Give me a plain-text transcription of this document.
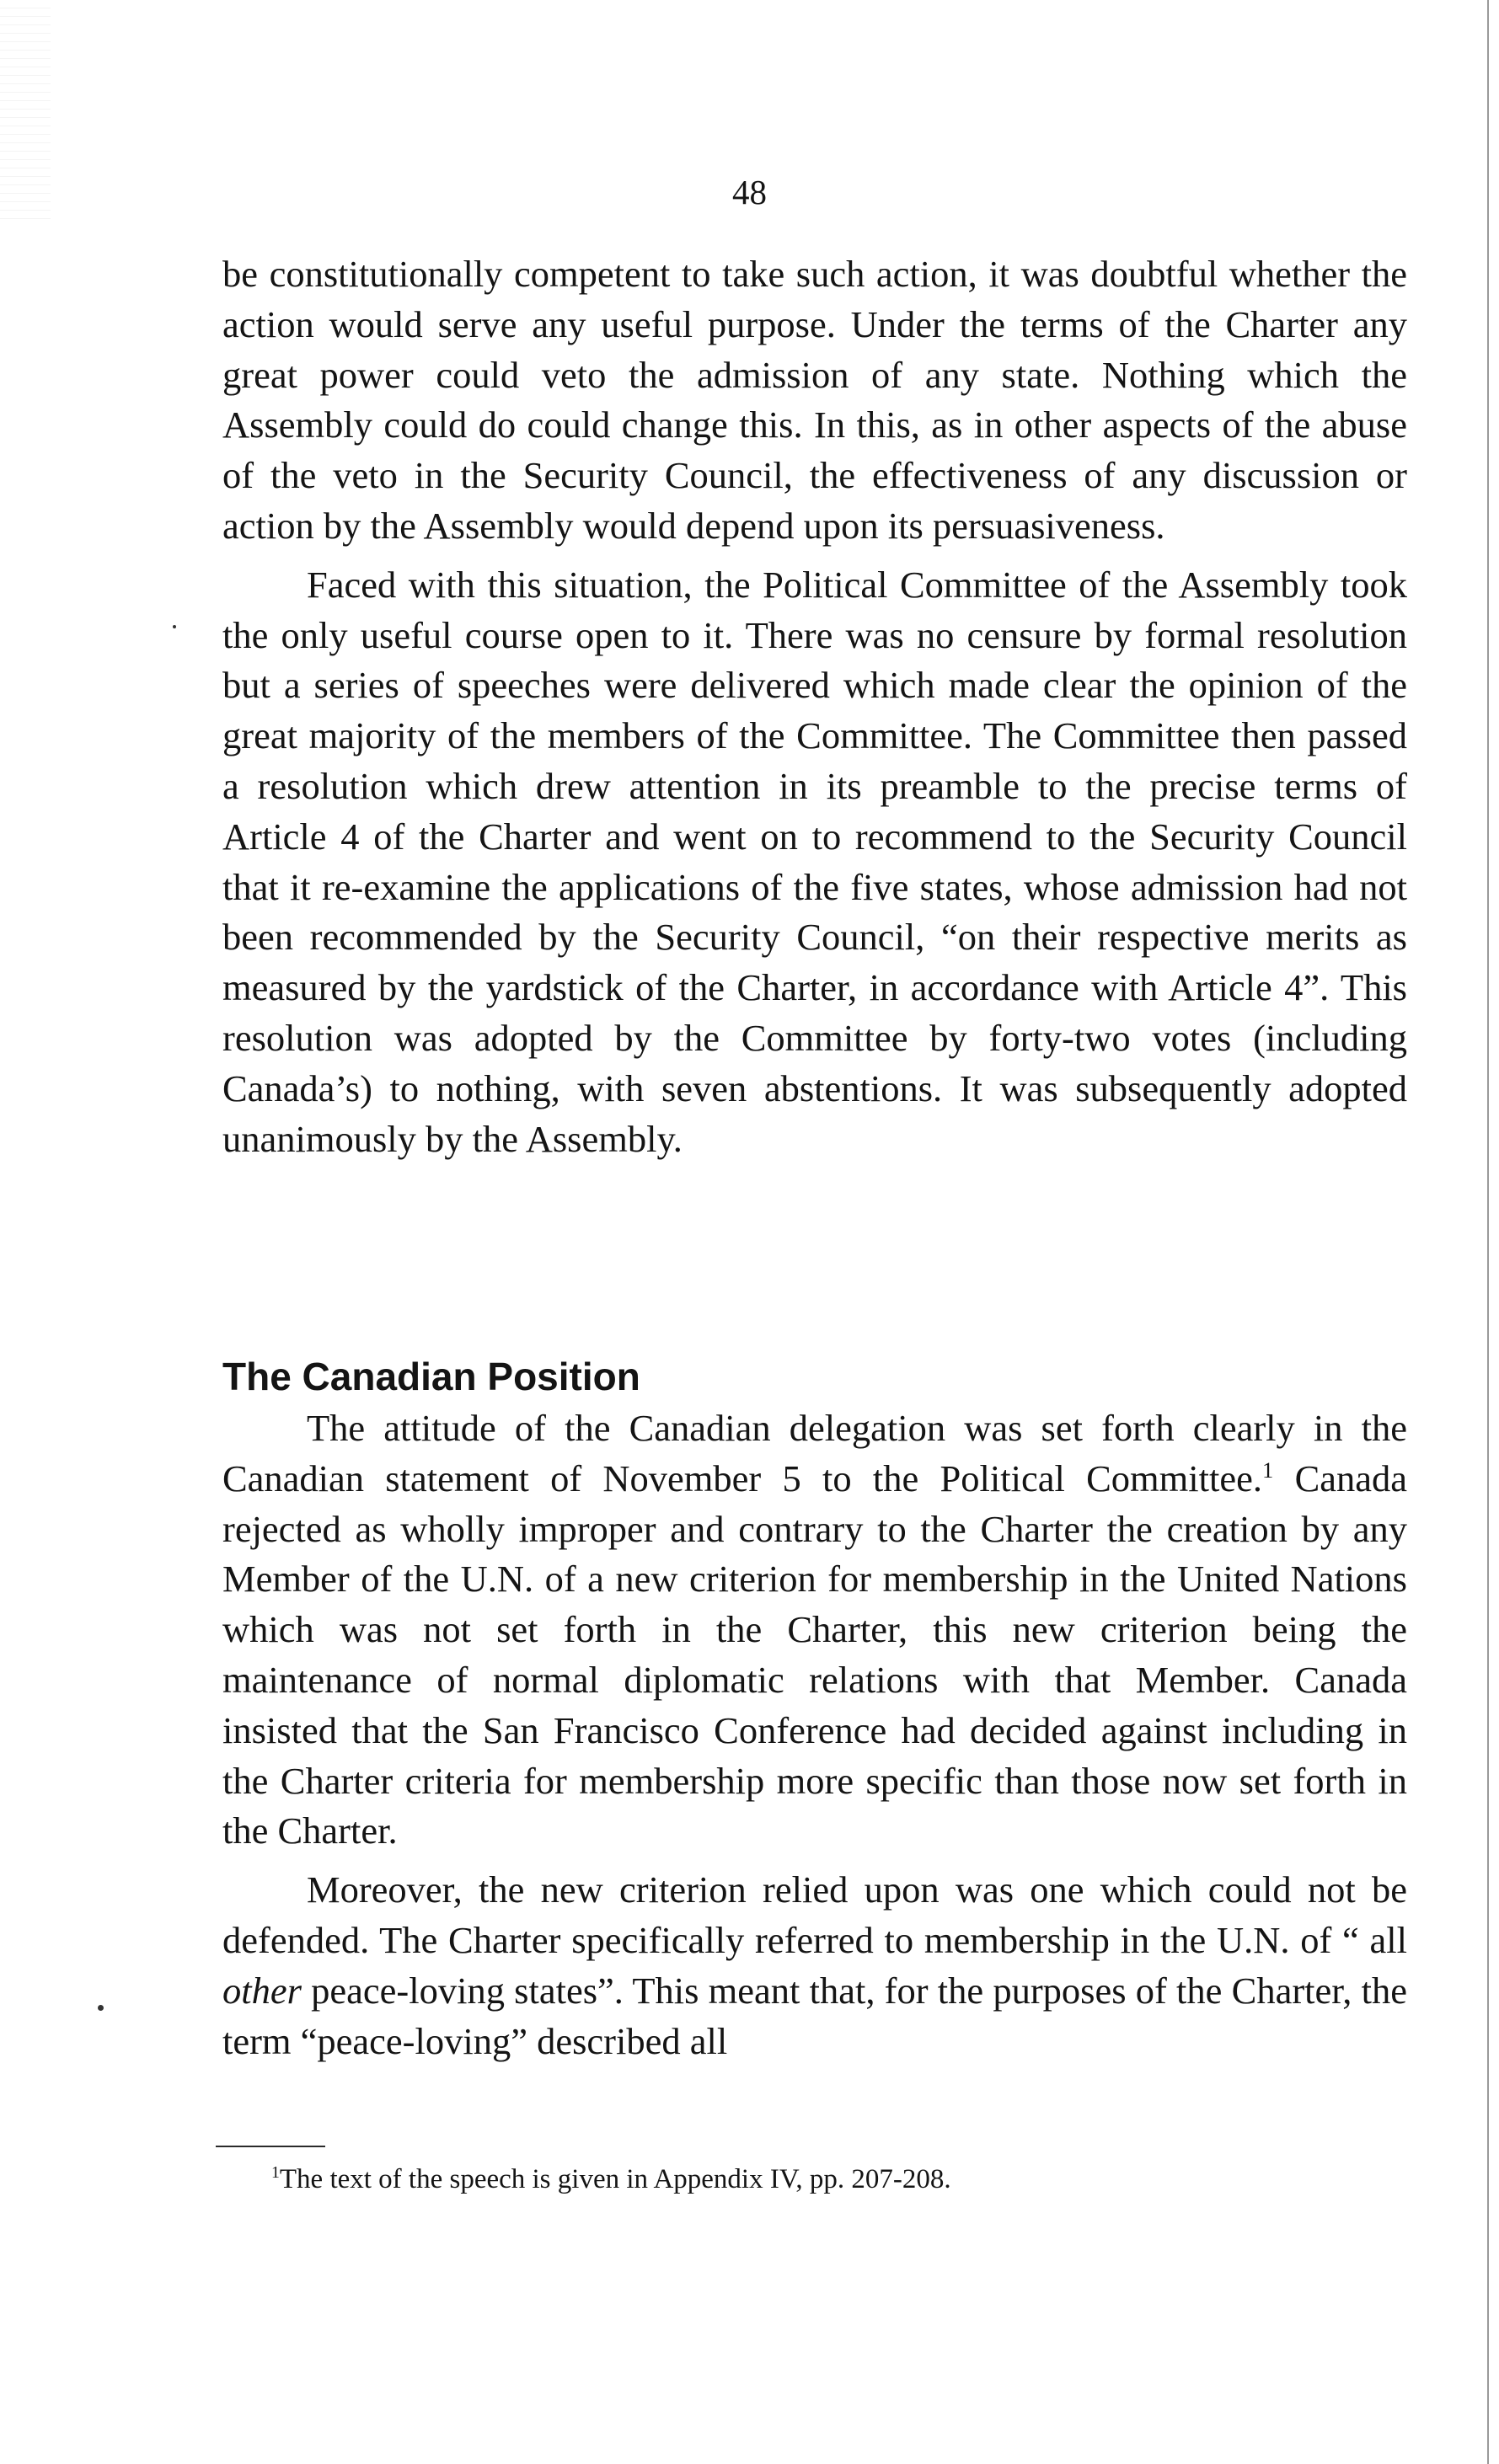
48

be constitutionally competent to take such action, it was doubtful whether the action would serve any useful purpose. Under the terms of the Charter any great power could veto the admission of any state. Nothing which the Assembly could do could change this. In this, as in other aspects of the abuse of the veto in the Security Council, the effectiveness of any discussion or action by the Assembly would depend upon its persuasiveness.

Faced with this situation, the Political Committee of the Assembly took the only useful course open to it. There was no censure by formal resolution but a series of speeches were delivered which made clear the opinion of the great majority of the members of the Committee. The Committee then passed a resolution which drew attention in its preamble to the precise terms of Article 4 of the Charter and went on to recommend to the Security Council that it re-examine the applications of the five states, whose admission had not been recommended by the Security Council, “on their respective merits as measured by the yardstick of the Charter, in accordance with Article 4”. This resolution was adopted by the Committee by forty-two votes (including Canada’s) to nothing, with seven abstentions. It was subsequently adopted unanimously by the Assembly.

The Canadian Position

The attitude of the Canadian delegation was set forth clearly in the Canadian statement of November 5 to the Political Committee.$^1$ Canada rejected as wholly improper and contrary to the Charter the creation by any Member of the U.N. of a new criterion for membership in the United Nations which was not set forth in the Charter, this new criterion being the maintenance of normal diplomatic relations with that Member. Canada insisted that the San Francisco Conference had decided against including in the Charter criteria for membership more specific than those now set forth in the Charter.

Moreover, the new criterion relied upon was one which could not be defended. The Charter specifically referred to membership in the U.N. of “ all other peace-loving states”. This meant that, for the purposes of the Charter, the term “peace-loving” described all

$^1$The text of the speech is given in Appendix IV, pp. 207-208.
